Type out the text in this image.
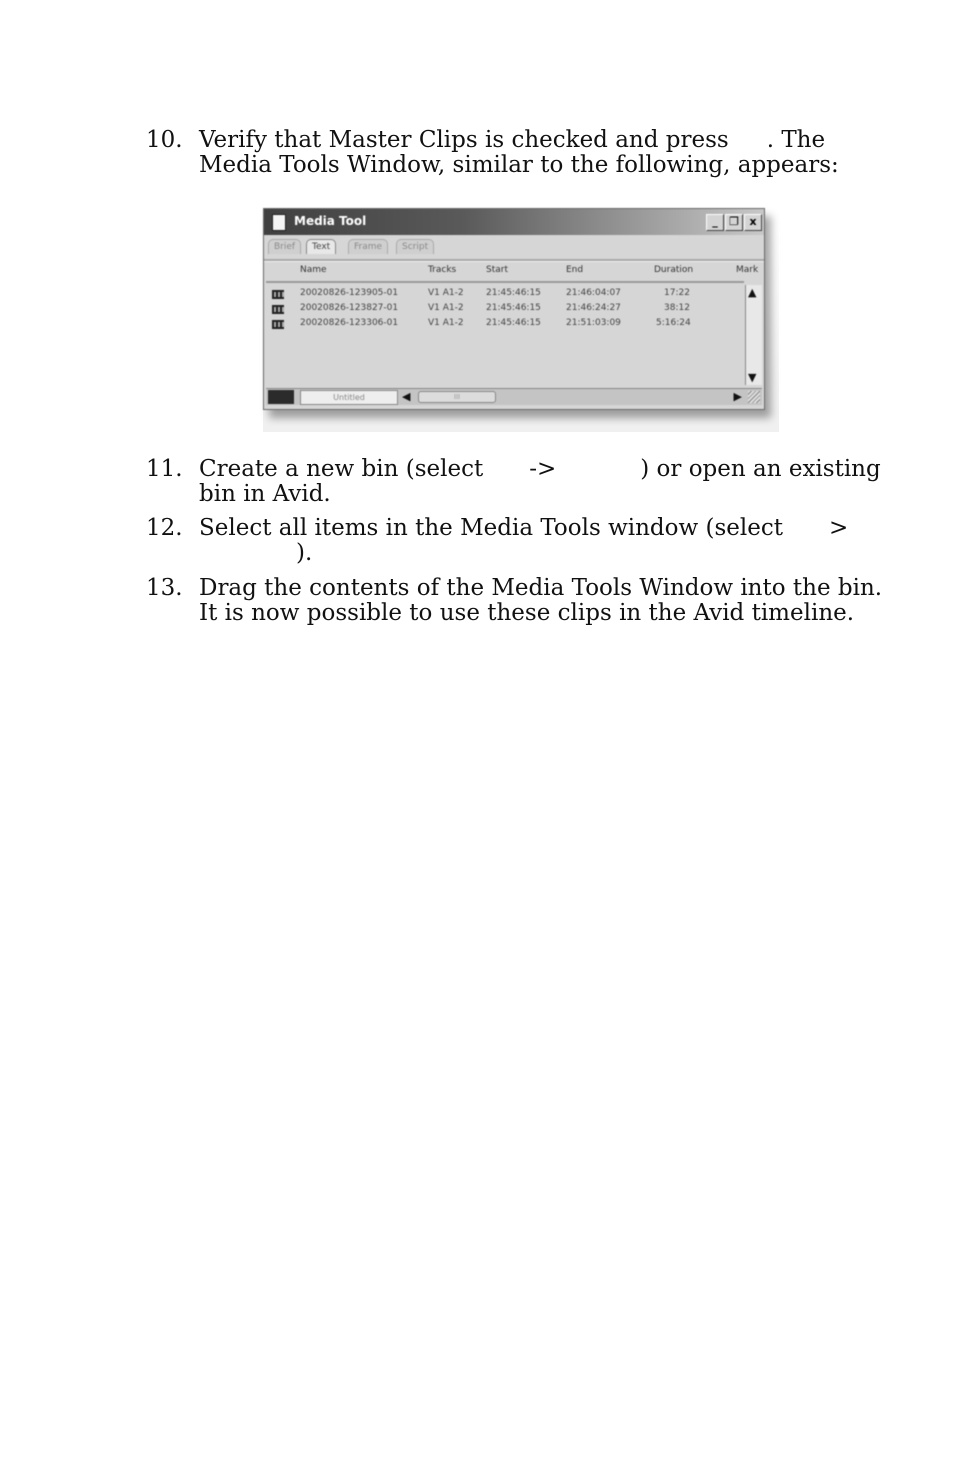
10. Verify that Master Clips is checked and press . The
Media Tools Window, similar to the following, appears:
Media Tool	_	❐ x
Brief	Text	Frame	Script
Name	Tracks	Start	End	Duration	Mark
20020826-123905-01	V1 A1-2 21:45:46:15	21:46:04:07	17:22
20020826-123827-01	V1 A1-2 21:45:46:15	21:46:24:27	38:12
20020826-123306-01	V1 A1-2 21:45:46:15	21:51:03:09	5:16:24
▲
▼
Untitled	◀	III	▶
11. Create a new bin (select ->	) or open an existing
bin in Avid.
12. Select all items in the Media Tools window (select >
).
13. Drag the contents of the Media Tools Window into the bin.
It is now possible to use these clips in the Avid timeline.
